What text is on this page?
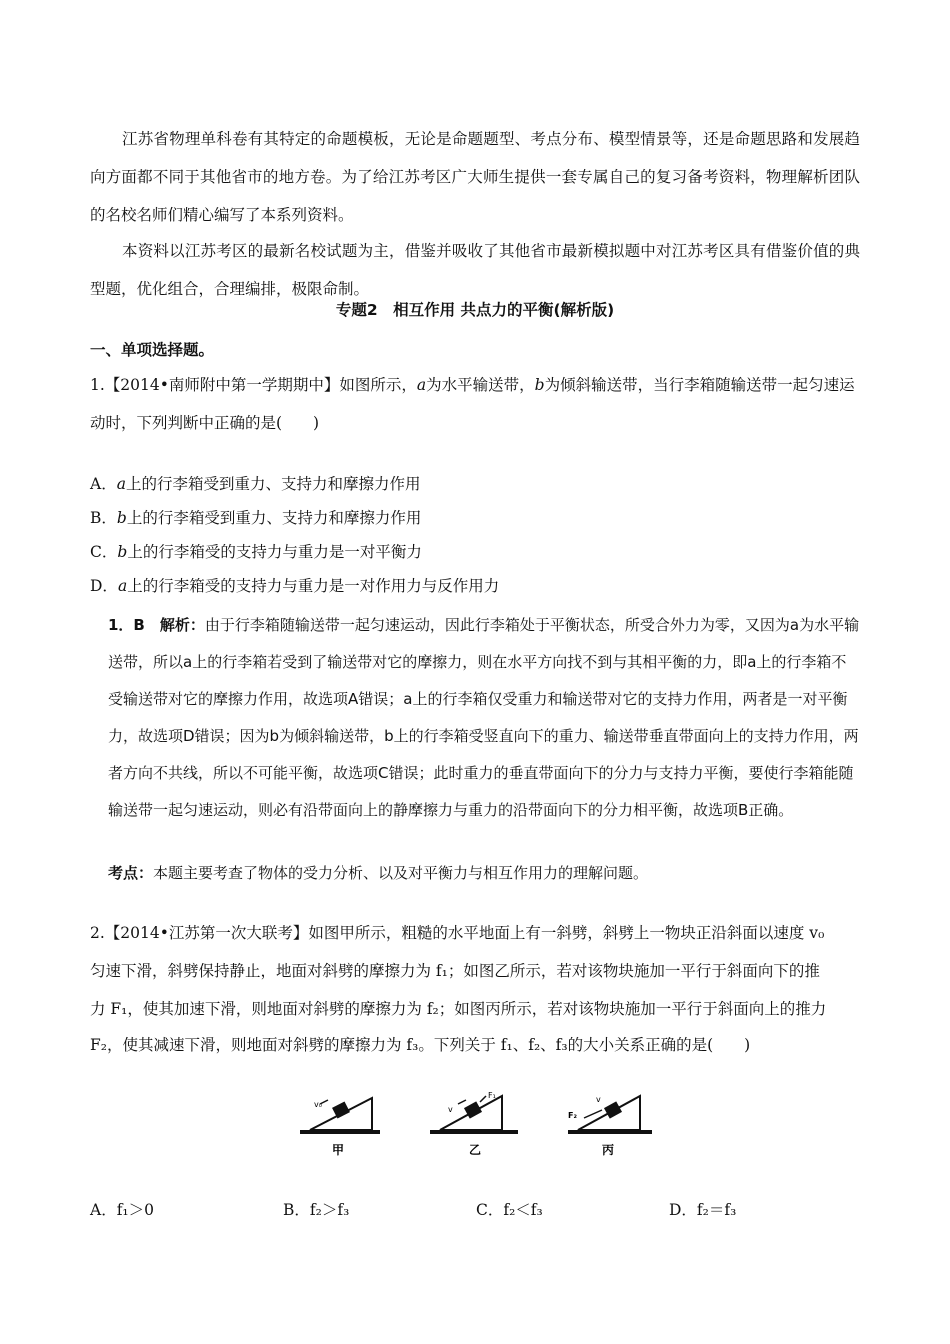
江苏省物理单科卷有其特定的命题模板，无论是命题题型、考点分布、模型情景等，还是命题思路和发展趋向方面都不同于其他省市的地方卷。为了给江苏考区广大师生提供一套专属自己的复习备考资料，物理解析团队的名校名师们精心编写了本系列资料。

本资料以江苏考区的最新名校试题为主，借鉴并吸收了其他省市最新模拟题中对江苏考区具有借鉴价值的典型题，优化组合，合理编排，极限命制。

专题2　相互作用 共点力的平衡(解析版)
一、单项选择题。

1.【2014•南师附中第一学期期中】如图所示，a为水平输送带，b为倾斜输送带，当行李箱随输送带一起匀速运动时，下列判断中正确的是(　　)

A．a上的行李箱受到重力、支持力和摩擦力作用
B．b上的行李箱受到重力、支持力和摩擦力作用
C．b上的行李箱受的支持力与重力是一对平衡力
D．a上的行李箱受的支持力与重力是一对作用力与反作用力

1．B　解析：由于行李箱随输送带一起匀速运动，因此行李箱处于平衡状态，所受合外力为零，又因为a为水平输送带，所以a上的行李箱若受到了输送带对它的摩擦力，则在水平方向找不到与其相平衡的力，即a上的行李箱不受输送带对它的摩擦力作用，故选项A错误；a上的行李箱仅受重力和输送带对它的支持力作用，两者是一对平衡力，故选项D错误；因为b为倾斜输送带，b上的行李箱受竖直向下的重力、输送带垂直带面向上的支持力作用，两者方向不共线，所以不可能平衡，故选项C错误；此时重力的垂直带面向下的分力与支持力平衡，要使行李箱能随输送带一起匀速运动，则必有沿带面向上的静摩擦力与重力的沿带面向下的分力相平衡，故选项B正确。

考点：本题主要考查了物体的受力分析、以及对平衡力与相互作用力的理解问题。

2.【2014•江苏第一次大联考】如图甲所示，粗糙的水平地面上有一斜劈，斜劈上一物块正沿斜面以速度 v₀
匀速下滑，斜劈保持静止，地面对斜劈的摩擦力为 f₁；如图乙所示，若对该物块施加一平行于斜面向下的推
力 F₁，使其加速下滑，则地面对斜劈的摩擦力为 f₂；如图丙所示，若对该物块施加一平行于斜面向上的推力
F₂，使其减速下滑，则地面对斜劈的摩擦力为 f₃。下列关于 f₁、f₂、f₃的大小关系正确的是(　　)
v₀
甲
v
F₁
乙
v
F₂
丙
A．f₁＞0	B．f₂＞f₃	C．f₂＜f₃	D．f₂＝f₃
